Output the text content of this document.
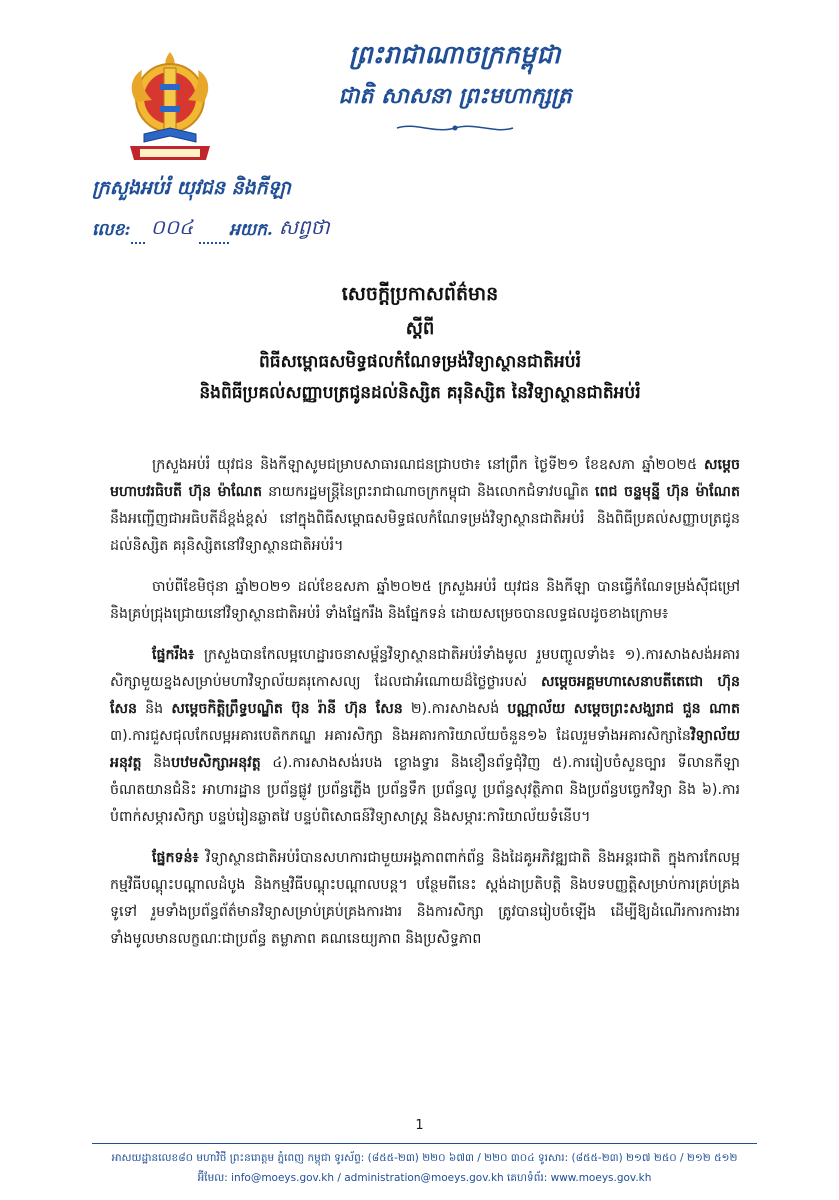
ព្រះរាជាណាចក្រកម្ពុជា
ជាតិ សាសនា ព្រះមហាក្សត្រ
ក្រសួងអប់រំ យុវជន និងកីឡា
លេខ: ០០៤ អយក. សព្វថា
សេចក្តីប្រកាសព័ត៌មាន
ស្តីពី
ពិធីសម្ពោធសមិទ្ធផលកំណែទម្រង់វិទ្យាស្ថានជាតិអប់រំ
និងពិធីប្រគល់សញ្ញាបត្រជូនដល់និស្សិត គរុនិស្សិត នៃវិទ្យាស្ថានជាតិអប់រំ

ក្រសួងអប់រំ យុវជន និងកីឡាសូមជម្រាបសាធារណជនជ្រាបថា៖ នៅព្រឹក ថ្ងៃទី២១ ខែឧសភា ឆ្នាំ២០២៥ សម្តេចមហាបវរធិបតី ហ៊ុន ម៉ាណែត នាយករដ្ឋមន្ត្រីនៃព្រះរាជាណាចក្រកម្ពុជា និងលោកជំទាវបណ្ឌិត ពេជ ចន្ទមុន្នី ហ៊ុន ម៉ាណែត នឹងអញ្ជើញជាអធិបតីដ៏ខ្ពង់ខ្ពស់ នៅក្នុងពិធីសម្ពោធសមិទ្ធផលកំណែទម្រង់វិទ្យាស្ថានជាតិអប់រំ និងពិធីប្រគល់សញ្ញាបត្រជូនដល់និស្សិត គរុនិស្សិតនៅវិទ្យាស្ថានជាតិអប់រំ។

ចាប់ពីខែមិថុនា ឆ្នាំ២០២១ ដល់ខែឧសភា ឆ្នាំ២០២៥ ក្រសួងអប់រំ យុវជន និងកីឡា បានធ្វើកំណែទម្រង់ស៊ីជម្រៅ និងគ្រប់ជ្រុងជ្រោយនៅវិទ្យាស្ថានជាតិអប់រំ ទាំងផ្នែករឹង និងផ្នែកទន់ ដោយសម្រេចបានលទ្ធផលដូចខាងក្រោម៖

ផ្នែករឹង៖ ក្រសួងបានកែលម្អហេដ្ឋារចនាសម្ព័ន្ធវិទ្យាស្ថានជាតិអប់រំទាំងមូល រួមបញ្ចូលទាំង៖ ១).ការសាងសង់អគារសិក្សាមួយខ្នងសម្រាប់មហាវិទ្យាល័យគរុកោសល្យ ដែលជាអំណោយដ៏ថ្លៃថ្លារបស់ សម្តេចអគ្គមហាសេនាបតីតេជោ ហ៊ុន សែន និង សម្តេចកិត្តិព្រឹទ្ធបណ្ឌិត ប៊ុន រ៉ានី ហ៊ុន សែន ២).ការសាងសង់ បណ្ណាល័យ សម្តេចព្រះសង្ឃរាជ ជួន ណាត ៣).ការជួសជុលកែលម្អអគារបេតិកភណ្ឌ អគារសិក្សា និងអគារការិយាល័យចំនួន១៦ ដែលរួមទាំងអគារសិក្សានៃវិទ្យាល័យអនុវត្ត និងបឋមសិក្សាអនុវត្ត ៤).ការសាងសង់របង ខ្លោងទ្វារ និងខឿនព័ទ្ធជុំវិញ ៥).ការរៀបចំសួនច្បារ ទីលានកីឡា ចំណតយានជំនិះ អាហារដ្ឋាន ប្រព័ន្ធផ្លូវ ប្រព័ន្ធភ្លើង ប្រព័ន្ធទឹក ប្រព័ន្ធលូ ប្រព័ន្ធសុវត្ថិភាព និងប្រព័ន្ធបច្ចេកវិទ្យា និង ៦).ការបំពាក់សម្ភារសិក្សា បន្ទប់រៀនឆ្លាតវៃ បន្ទប់ពិសោធន៍វិទ្យាសាស្ត្រ និងសម្ភារៈការិយាល័យទំនើប។

ផ្នែកទន់៖ វិទ្យាស្ថានជាតិអប់រំបានសហការជាមួយអង្គភាពពាក់ព័ន្ធ និងដៃគូអភិវឌ្ឍជាតិ និងអន្តរជាតិ ក្នុងការកែលម្អកម្មវិធីបណ្តុះបណ្តាលដំបូង និងកម្មវិធីបណ្តុះបណ្តាលបន្ត។ បន្ថែមពីនេះ ស្តង់ដាប្រតិបត្តិ និងបទបញ្ញត្តិសម្រាប់ការគ្រប់គ្រងទូទៅ រួមទាំងប្រព័ន្ធព័ត៌មានវិទ្យាសម្រាប់គ្រប់គ្រងការងារ និងការសិក្សា ត្រូវបានរៀបចំឡើង ដើម្បីឱ្យដំណើរការការងារទាំងមូលមានលក្ខណៈជាប្រព័ន្ធ តម្លាភាព គណនេយ្យភាព និងប្រសិទ្ធភាព

1
អាសយដ្ឋានលេខ៨០ មហាវិថី ព្រះនរោត្តម ភ្នំពេញ កម្ពុជា ទូរស័ព្ទ: (៨៥៥-២៣) ២២០ ៦៧៣ / ២២០ ៣០៤ ទូរសារ: (៨៥៥-២៣) ២១៧ ២៥០ / ២១២ ៥១២
អ៊ីមែល: info@moeys.gov.kh / administration@moeys.gov.kh គេហទំព័រ: www.moeys.gov.kh
